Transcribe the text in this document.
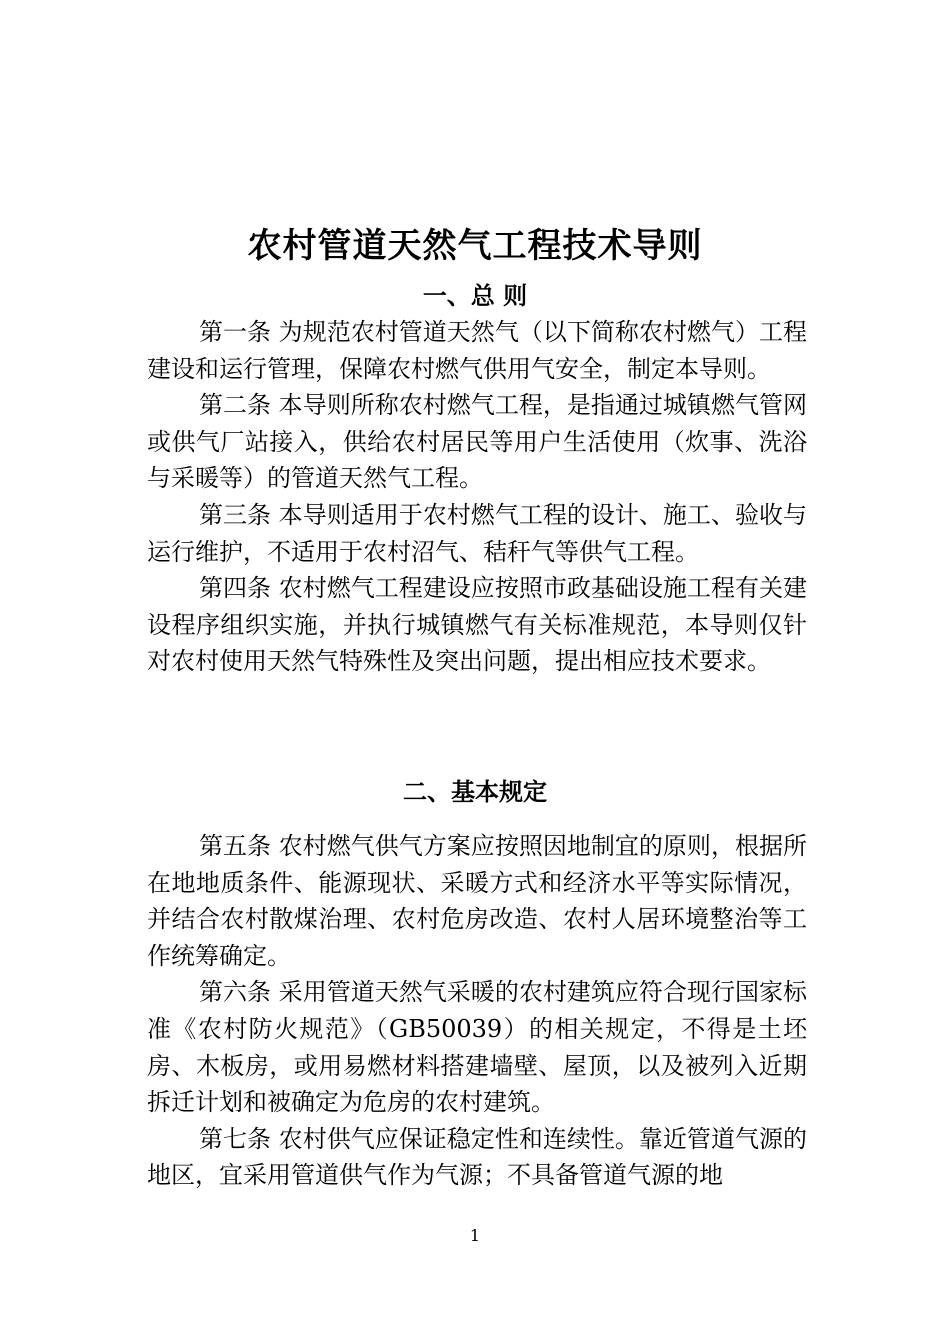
农村管道天然气工程技术导则
一、总 则

第一条 为规范农村管道天然气（以下简称农村燃气）工程建设和运行管理，保障农村燃气供用气安全，制定本导则。

第二条 本导则所称农村燃气工程，是指通过城镇燃气管网或供气厂站接入，供给农村居民等用户生活使用（炊事、洗浴与采暖等）的管道天然气工程。

第三条 本导则适用于农村燃气工程的设计、施工、验收与运行维护，不适用于农村沼气、秸秆气等供气工程。

第四条 农村燃气工程建设应按照市政基础设施工程有关建设程序组织实施，并执行城镇燃气有关标准规范，本导则仅针对农村使用天然气特殊性及突出问题，提出相应技术要求。

二、基本规定

第五条 农村燃气供气方案应按照因地制宜的原则，根据所在地地质条件、能源现状、采暖方式和经济水平等实际情况，并结合农村散煤治理、农村危房改造、农村人居环境整治等工作统筹确定。

第六条 采用管道天然气采暖的农村建筑应符合现行国家标准《农村防火规范》（GB50039）的相关规定，不得是土坯房、木板房，或用易燃材料搭建墙壁、屋顶，以及被列入近期拆迁计划和被确定为危房的农村建筑。

第七条 农村供气应保证稳定性和连续性。靠近管道气源的地区，宜采用管道供气作为气源；不具备管道气源的地

1
